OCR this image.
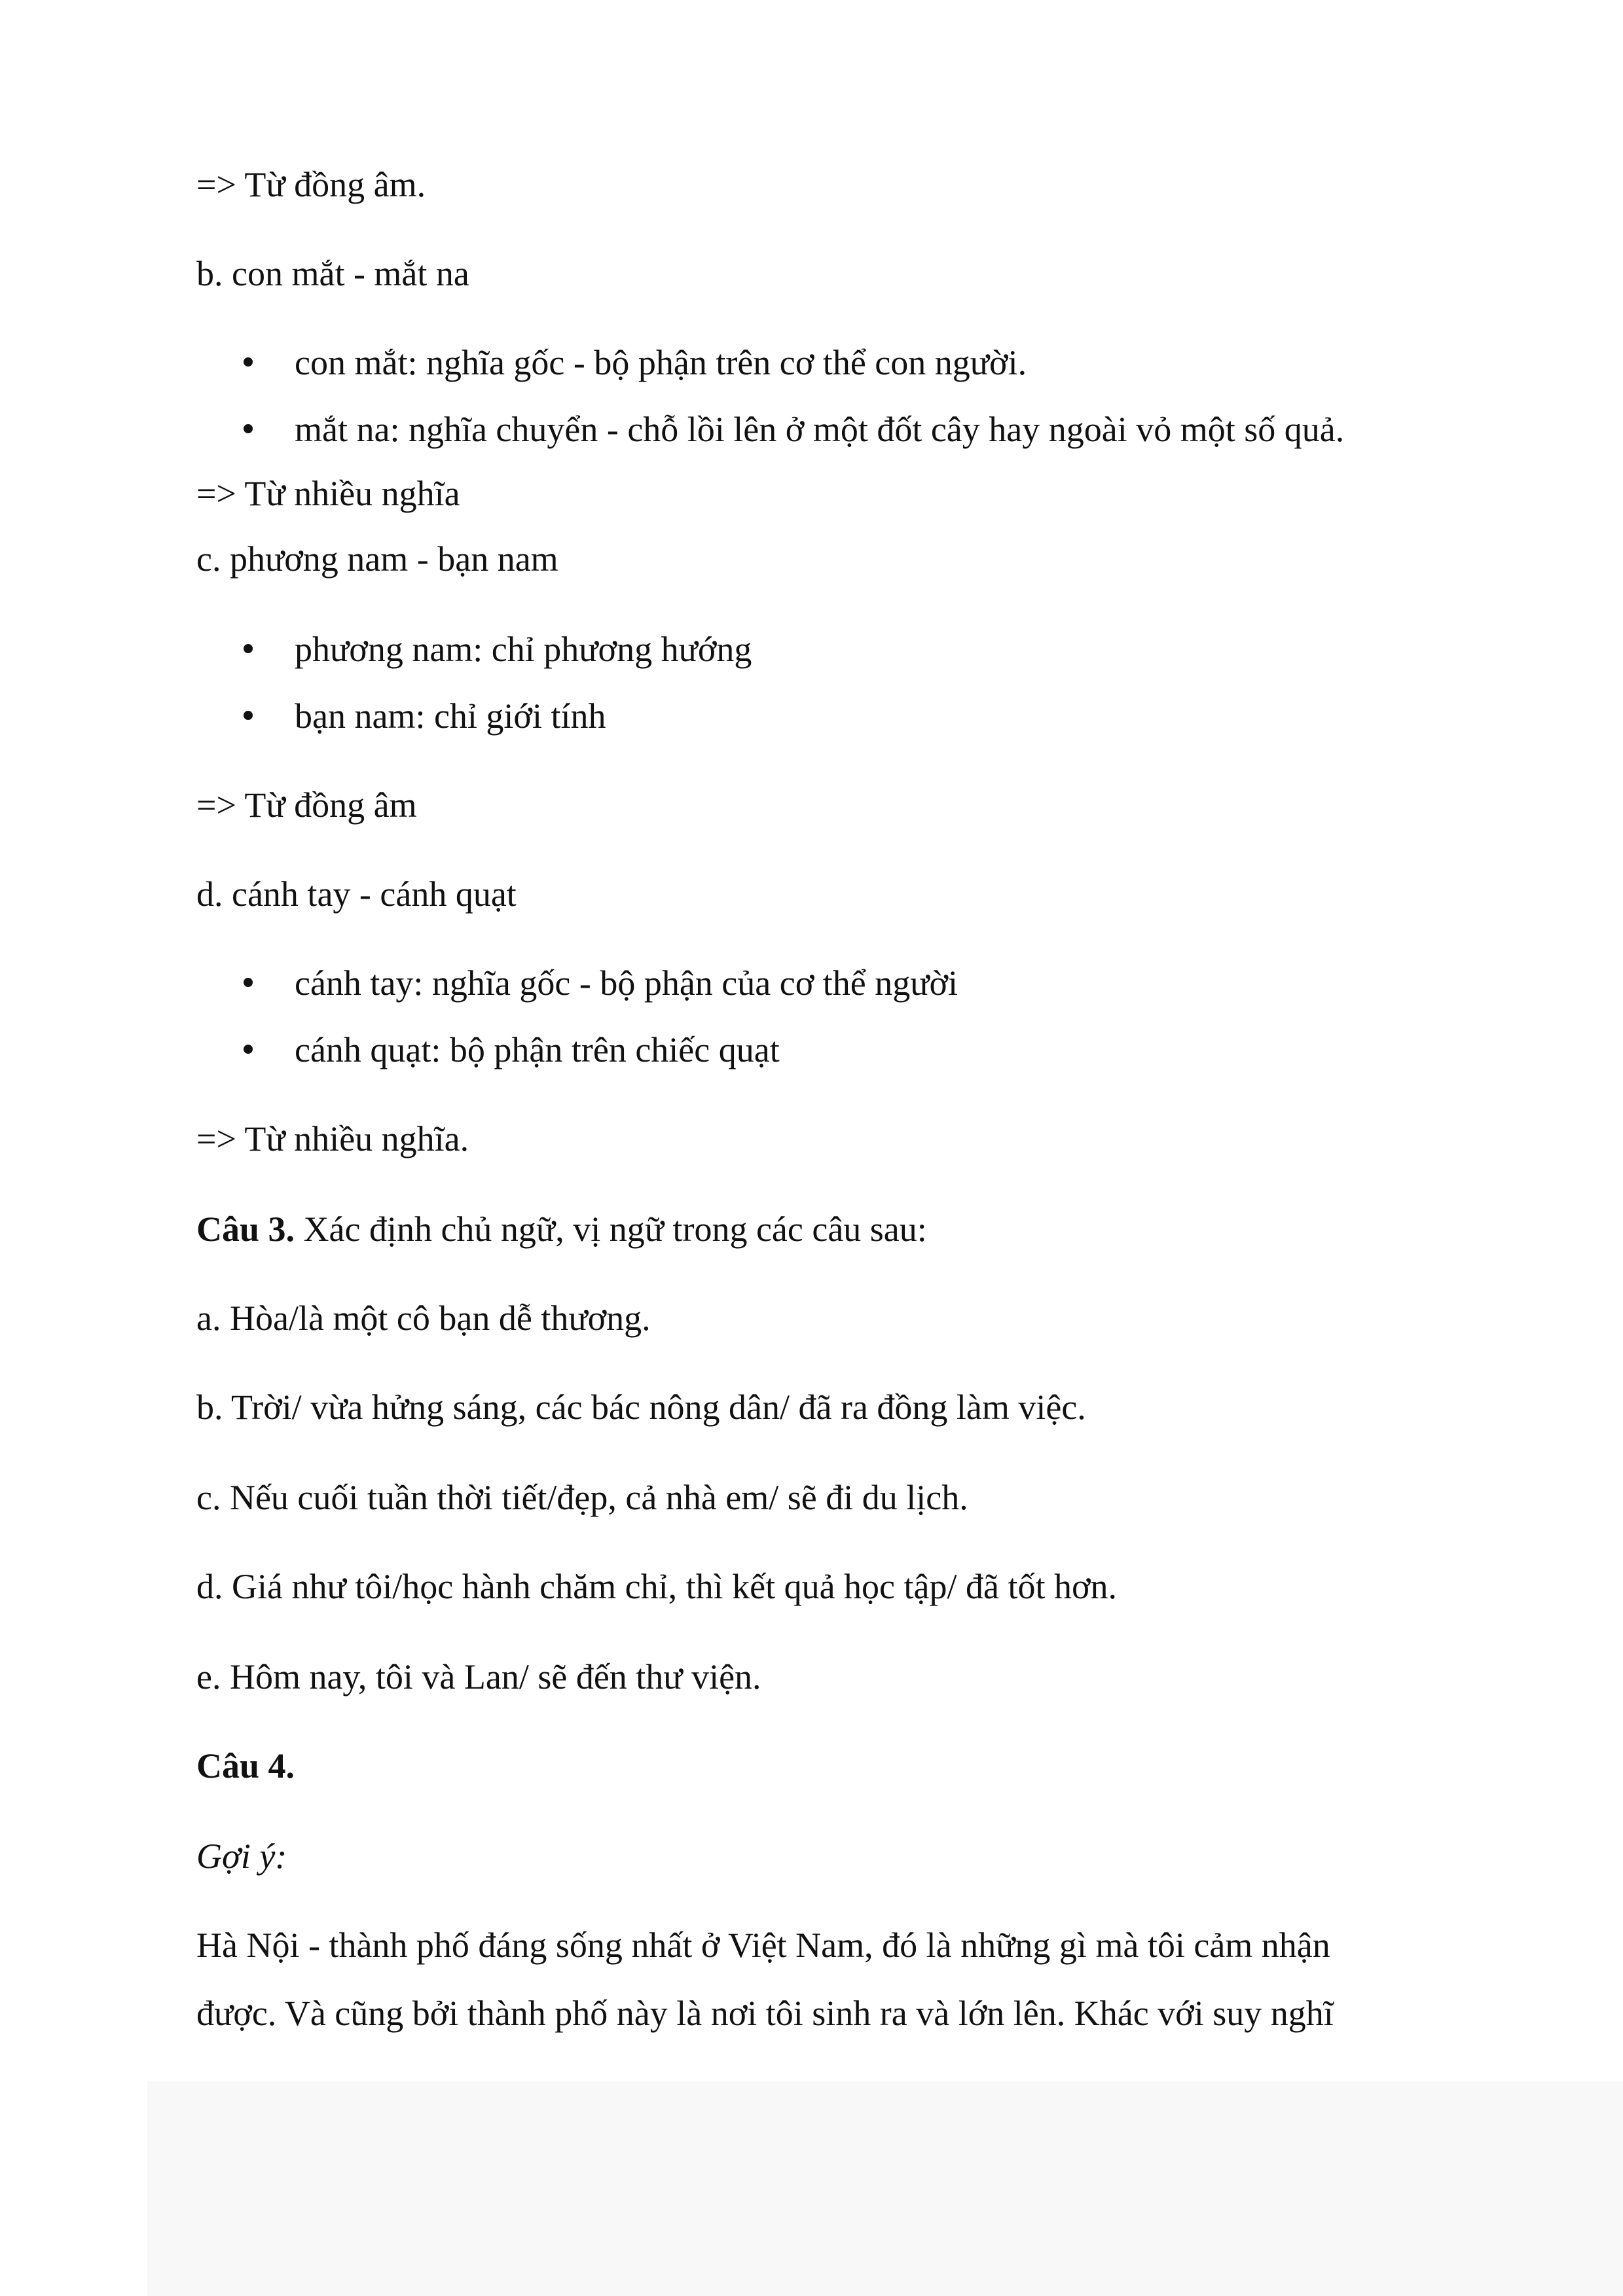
=> Từ đồng âm.
b. con mắt - mắt na
con mắt: nghĩa gốc - bộ phận trên cơ thể con người.
mắt na: nghĩa chuyển - chỗ lồi lên ở một đốt cây hay ngoài vỏ một số quả.
=> Từ nhiều nghĩa
c. phương nam - bạn nam
phương nam: chỉ phương hướng
bạn nam: chỉ giới tính
=> Từ đồng âm
d. cánh tay - cánh quạt
cánh tay: nghĩa gốc - bộ phận của cơ thể người
cánh quạt: bộ phận trên chiếc quạt
=> Từ nhiều nghĩa.
Câu 3. Xác định chủ ngữ, vị ngữ trong các câu sau:
a. Hòa/là một cô bạn dễ thương.
b. Trời/ vừa hửng sáng, các bác nông dân/ đã ra đồng làm việc.
c. Nếu cuối tuần thời tiết/đẹp, cả nhà em/ sẽ đi du lịch.
d. Giá như tôi/học hành chăm chỉ, thì kết quả học tập/ đã tốt hơn.
e. Hôm nay, tôi và Lan/ sẽ đến thư viện.
Câu 4.
Gợi ý:
Hà Nội - thành phố đáng sống nhất ở Việt Nam, đó là những gì mà tôi cảm nhận
được. Và cũng bởi thành phố này là nơi tôi sinh ra và lớn lên. Khác với suy nghĩ
